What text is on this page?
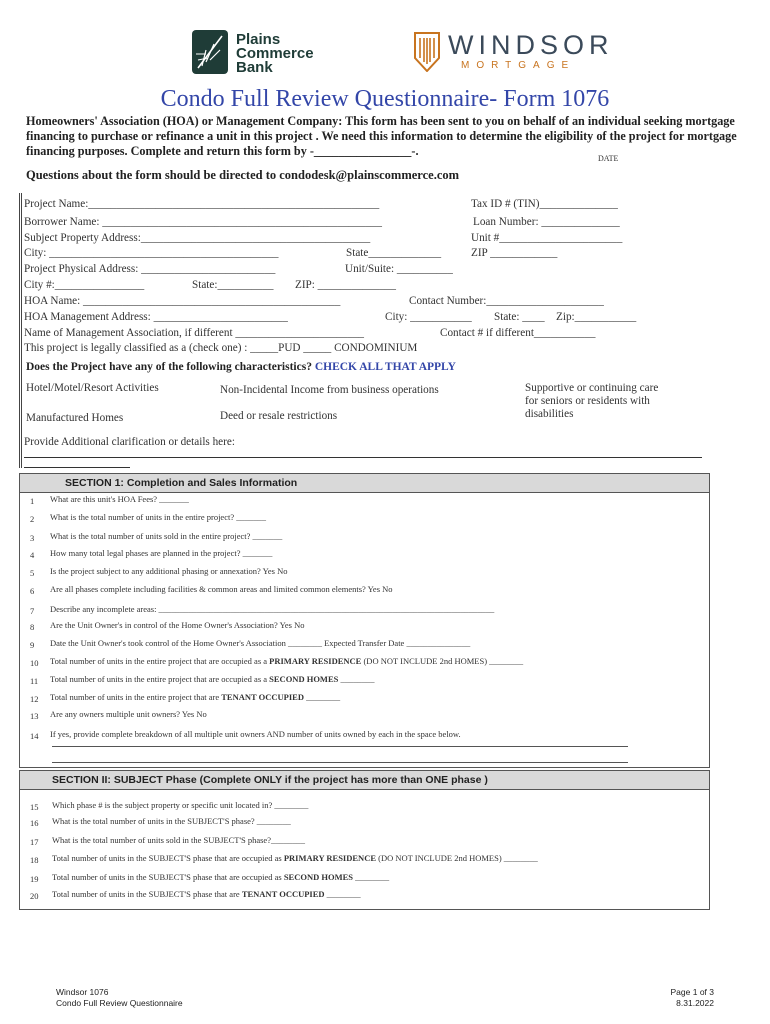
Plains
Commerce
Bank
WINDSOR
MORTGAGE
Condo Full Review Questionnaire- Form 1076
Homeowners' Association (HOA) or Management Company: This form has been sent to you on behalf of an individual seeking mortgage financing to purchase or refinance a unit in this project . We need this information to determine the eligibility of the project for mortgage financing purposes. Complete and return this form by -________________-.
DATE
Questions about the form should be directed to condodesk@plainscommerce.com
Project Name:____________________________________________________	Tax ID # (TIN)______________
Borrower Name: __________________________________________________	Loan Number: ______________
Subject Property Address:_________________________________________	Unit #______________________
City: _________________________________________	State_____________	ZIP ____________
Project Physical Address: ________________________	Unit/Suite: __________
City #:________________	State:__________ ZIP: ______________
HOA Name: ______________________________________________	Contact Number:_____________________
HOA Management Address: ________________________	City: ___________ State: ____ Zip:___________
Name of Management Association, if different _______________________	Contact # if different___________
This project is legally classified as a (check one) : _____PUD _____ CONDOMINIUM
Does the Project have any of the following characteristics? CHECK ALL THAT APPLY
Hotel/Motel/Resort Activities	Non-Incidental Income from business operations	Supportive or continuing care
for seniors or residents with
disabilities
Manufactured Homes	Deed or resale restrictions
Provide Additional clarification or details here:
SECTION 1: Completion and Sales Information
1 What are this unit's HOA Fees? _______
2 What is the total number of units in the entire project? _______
3 What is the total number of units sold in the entire project? _______
4 How many total legal phases are planned in the project? _______
5 Is the project subject to any additional phasing or annexation? Yes No
6 Are all phases complete including facilities & common areas and limited common elements? Yes No
7 Describe any incomplete areas: _______________________________________________________________________________
8 Are the Unit Owner's in control of the Home Owner's Association? Yes No
9 Date the Unit Owner's took control of the Home Owner's Association ________ Expected Transfer Date _______________
10 Total number of units in the entire project that are occupied as a PRIMARY RESIDENCE (DO NOT INCLUDE 2nd HOMES) ________
11 Total number of units in the entire project that are occupied as a SECOND HOMES ________
12 Total number of units in the entire project that are TENANT OCCUPIED ________
13 Are any owners multiple unit owners? Yes No
14 If yes, provide complete breakdown of all multiple unit owners AND number of units owned by each in the space below.
SECTION II: SUBJECT Phase (Complete ONLY if the project has more than ONE phase )
15 Which phase # is the subject property or specific unit located in? ________
16 What is the total number of units in the SUBJECT'S phase? ________
17 What is the total number of units sold in the SUBJECT'S phase?________
18 Total number of units in the SUBJECT'S phase that are occupied as PRIMARY RESIDENCE (DO NOT INCLUDE 2nd HOMES) ________
19 Total number of units in the SUBJECT'S phase that are occupied as SECOND HOMES ________
20 Total number of units in the SUBJECT'S phase that are TENANT OCCUPIED ________
Windsor 1076
Condo Full Review Questionnaire
Page 1 of 3
8.31.2022
